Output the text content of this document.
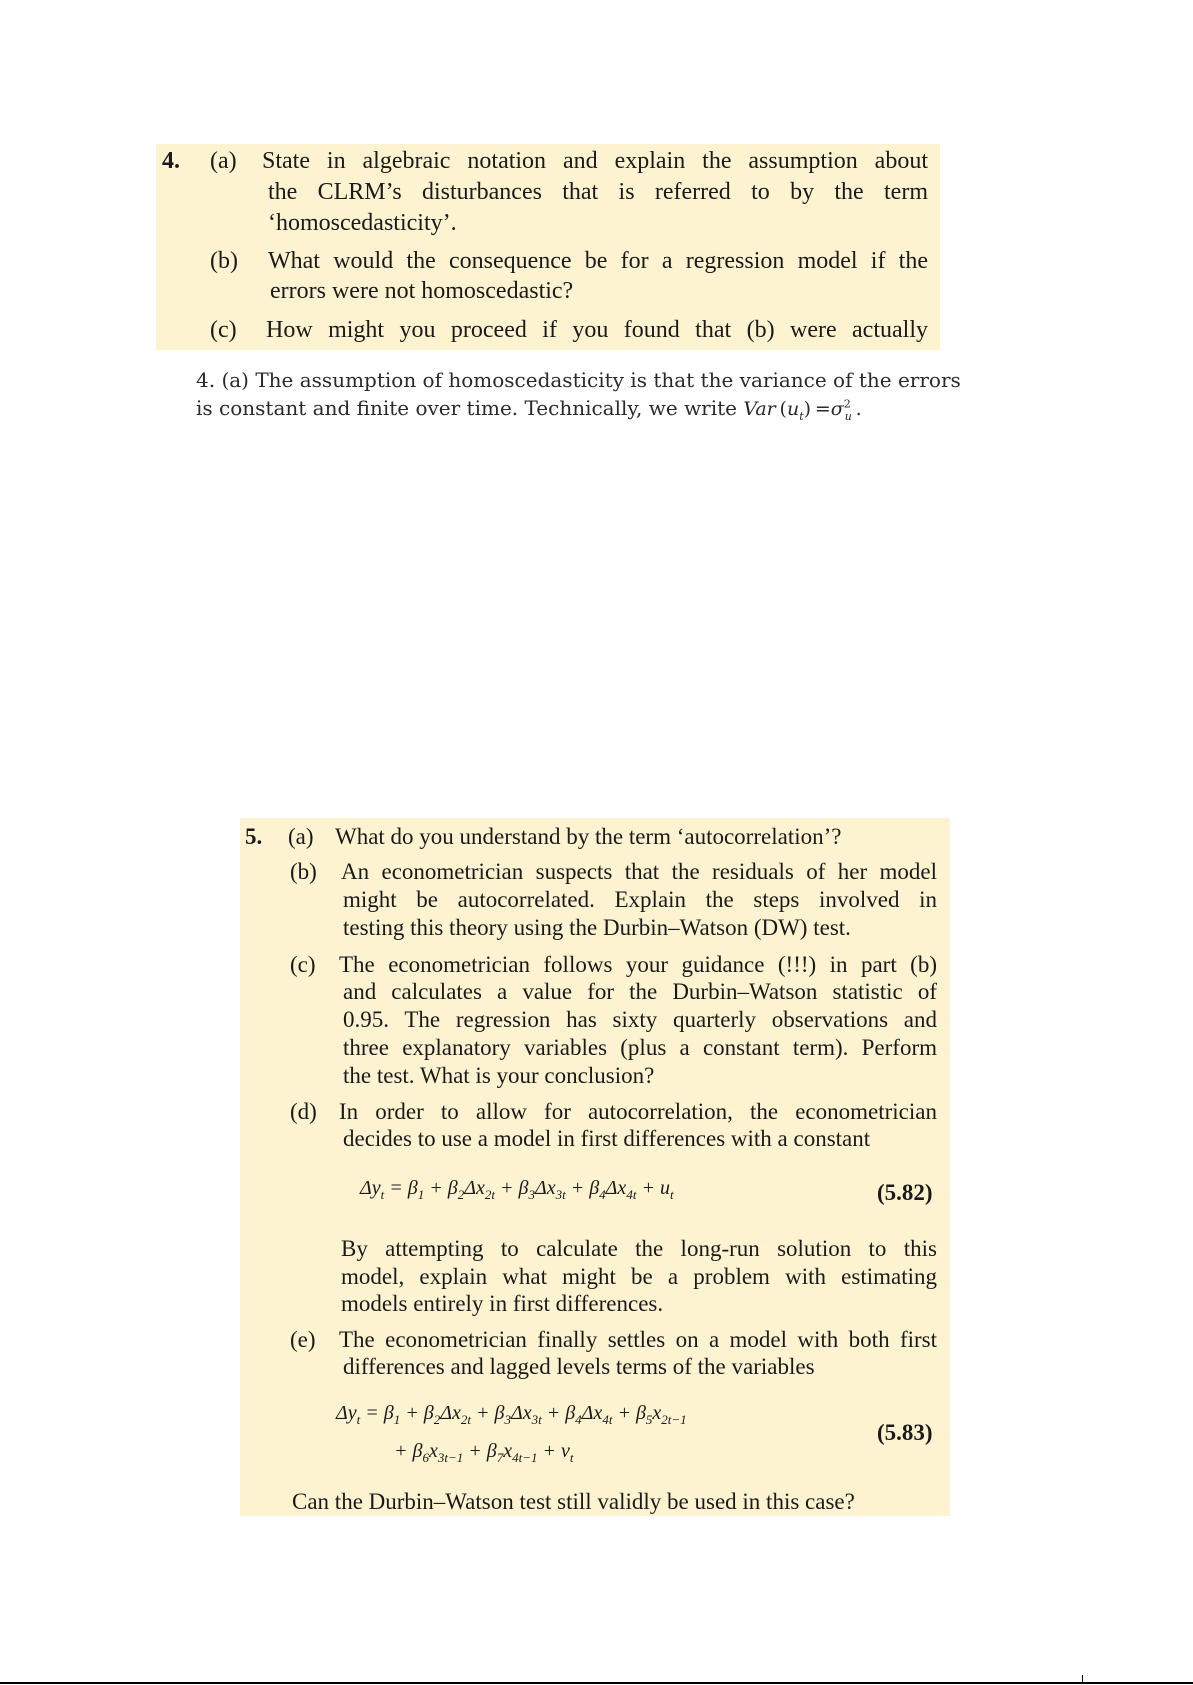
4. (a) State in algebraic notation and explain the assumption about
the CLRM’s disturbances that is referred to by the term
‘homoscedasticity’.
(b) What would the consequence be for a regression model if the
errors were not homoscedastic?
(c) How might you proceed if you found that (b) were actually
4. (a) The assumption of homoscedasticity is that the variance of the errors
is constant and finite over time. Technically, we write Var $(u_t) =\sigma^2_u$ .
5. (a) What do you understand by the term ‘autocorrelation’?
(b) An econometrician suspects that the residuals of her model
might be autocorrelated. Explain the steps involved in
testing this theory using the Durbin–Watson (DW) test.
(c) The econometrician follows your guidance (!!!) in part (b)
and calculates a value for the Durbin–Watson statistic of
0.95. The regression has sixty quarterly observations and
three explanatory variables (plus a constant term). Perform
the test. What is your conclusion?
(d) In order to allow for autocorrelation, the econometrician
decides to use a model in first differences with a constant
$\Delta y_t = \beta_1 + \beta_2\Delta x_{2t} + \beta_3\Delta x_{3t} + \beta_4\Delta x_{4t} + u_t$	(5.82)
By attempting to calculate the long-run solution to this
model, explain what might be a problem with estimating
models entirely in first differences.
(e) The econometrician finally settles on a model with both first
differences and lagged levels terms of the variables
$\Delta y_t = \beta_1 + \beta_2\Delta x_{2t} + \beta_3\Delta x_{3t} + \beta_4\Delta x_{4t} + \beta_5x_{2t-1}$
+ $\beta_6x_{3t-1} + \beta_7x_{4t-1} + v_t$
(5.83)
Can the Durbin–Watson test still validly be used in this case?
